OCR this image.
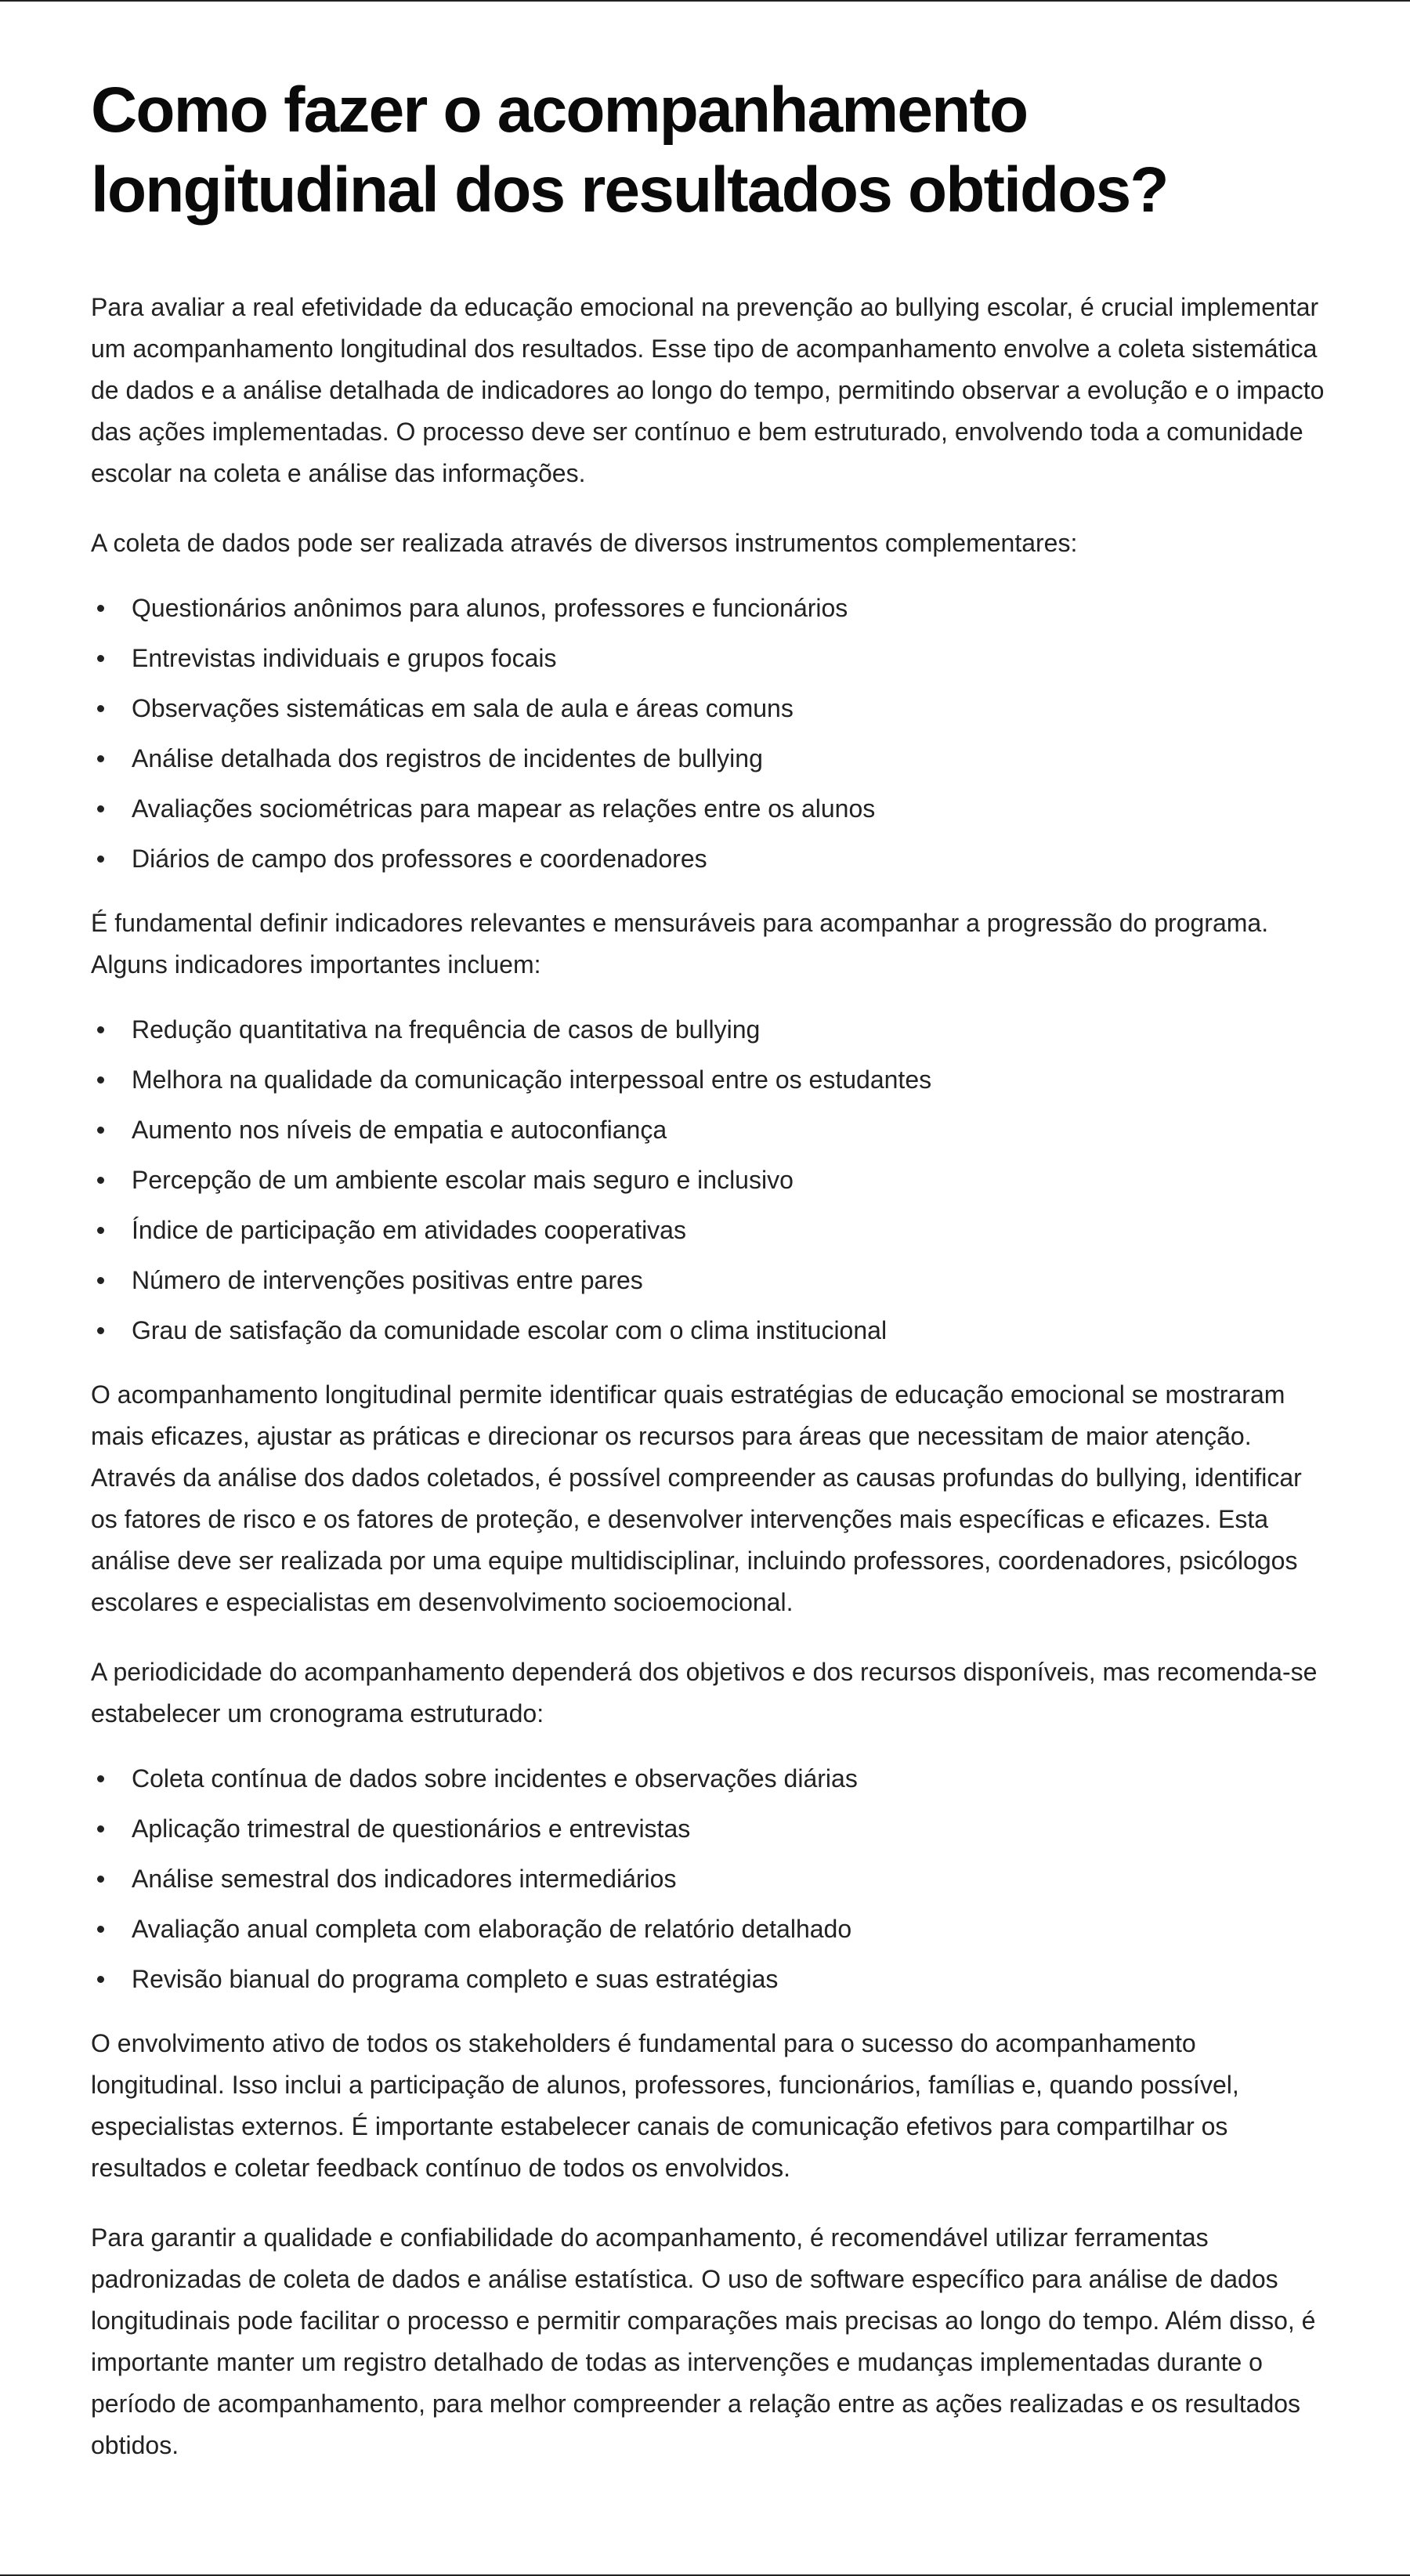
Como fazer o acompanhamento longitudinal dos resultados obtidos?

Para avaliar a real efetividade da educação emocional na prevenção ao bullying escolar, é crucial implementar um acompanhamento longitudinal dos resultados. Esse tipo de acompanhamento envolve a coleta sistemática de dados e a análise detalhada de indicadores ao longo do tempo, permitindo observar a evolução e o impacto das ações implementadas. O processo deve ser contínuo e bem estruturado, envolvendo toda a comunidade escolar na coleta e análise das informações.

A coleta de dados pode ser realizada através de diversos instrumentos complementares:

Questionários anônimos para alunos, professores e funcionários
Entrevistas individuais e grupos focais
Observações sistemáticas em sala de aula e áreas comuns
Análise detalhada dos registros de incidentes de bullying
Avaliações sociométricas para mapear as relações entre os alunos
Diários de campo dos professores e coordenadores

É fundamental definir indicadores relevantes e mensuráveis para acompanhar a progressão do programa. Alguns indicadores importantes incluem:

Redução quantitativa na frequência de casos de bullying
Melhora na qualidade da comunicação interpessoal entre os estudantes
Aumento nos níveis de empatia e autoconfiança
Percepção de um ambiente escolar mais seguro e inclusivo
Índice de participação em atividades cooperativas
Número de intervenções positivas entre pares
Grau de satisfação da comunidade escolar com o clima institucional

O acompanhamento longitudinal permite identificar quais estratégias de educação emocional se mostraram mais eficazes, ajustar as práticas e direcionar os recursos para áreas que necessitam de maior atenção. Através da análise dos dados coletados, é possível compreender as causas profundas do bullying, identificar os fatores de risco e os fatores de proteção, e desenvolver intervenções mais específicas e eficazes. Esta análise deve ser realizada por uma equipe multidisciplinar, incluindo professores, coordenadores, psicólogos escolares e especialistas em desenvolvimento socioemocional.

A periodicidade do acompanhamento dependerá dos objetivos e dos recursos disponíveis, mas recomenda-se estabelecer um cronograma estruturado:

Coleta contínua de dados sobre incidentes e observações diárias
Aplicação trimestral de questionários e entrevistas
Análise semestral dos indicadores intermediários
Avaliação anual completa com elaboração de relatório detalhado
Revisão bianual do programa completo e suas estratégias

O envolvimento ativo de todos os stakeholders é fundamental para o sucesso do acompanhamento longitudinal. Isso inclui a participação de alunos, professores, funcionários, famílias e, quando possível, especialistas externos. É importante estabelecer canais de comunicação efetivos para compartilhar os resultados e coletar feedback contínuo de todos os envolvidos.

Para garantir a qualidade e confiabilidade do acompanhamento, é recomendável utilizar ferramentas padronizadas de coleta de dados e análise estatística. O uso de software específico para análise de dados longitudinais pode facilitar o processo e permitir comparações mais precisas ao longo do tempo. Além disso, é importante manter um registro detalhado de todas as intervenções e mudanças implementadas durante o período de acompanhamento, para melhor compreender a relação entre as ações realizadas e os resultados obtidos.
